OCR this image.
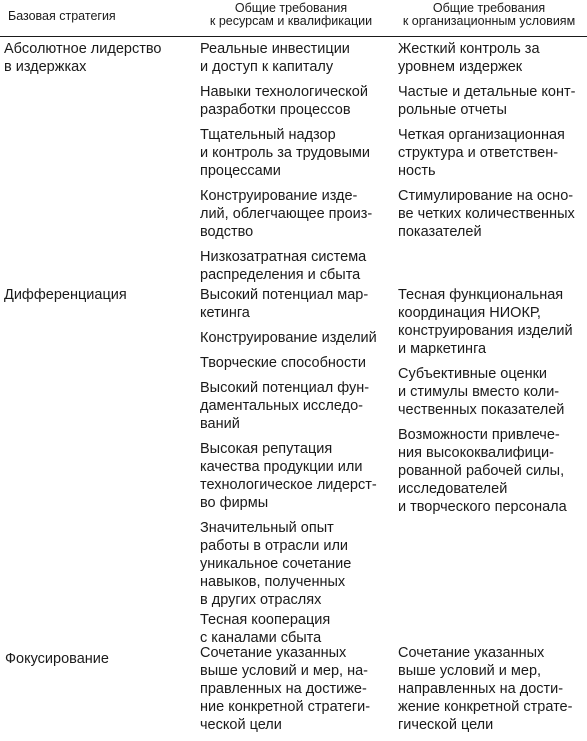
Базовая стратегия
Общие требования
к ресурсам и квалификации
Общие требования
к организационным условиям
Абсолютное лидерство
в издержках
Реальные инвестиции
и доступ к капиталу
Навыки технологической
разработки процессов
Тщательный надзор
и контроль за трудовыми
процессами
Конструирование изде-
лий, облегчающее произ-
водство
Низкозатратная система
распределения и сбыта
Жесткий контроль за
уровнем издержек
Частые и детальные конт-
рольные отчеты
Четкая организационная
структура и ответствен-
ность
Стимулирование на осно-
ве четких количественных
показателей
Дифференциация	Высокий потенциал мар-
кетинга
Конструирование изделий
Творческие способности
Высокий потенциал фун-
даментальных исследо-
ваний
Высокая репутация
качества продукции или
технологическое лидерст-
во фирмы
Значительный опыт
работы в отрасли или
уникальное сочетание
навыков, полученных
в других отраслях
Тесная кооперация
с каналами сбыта
Тесная функциональная
координация НИОКР,
конструирования изделий
и маркетинга
Субъективные оценки
и стимулы вместо коли-
чественных показателей
Возможности привлече-
ния высококвалифици-
рованной рабочей силы,
исследователей
и творческого персонала
Фокусирование	Сочетание указанных
выше условий и мер, на-
правленных на достиже-
ние конкретной стратеги-
ческой цели
Сочетание указанных
выше условий и мер,
направленных на дости-
жение конкретной страте-
гической цели
